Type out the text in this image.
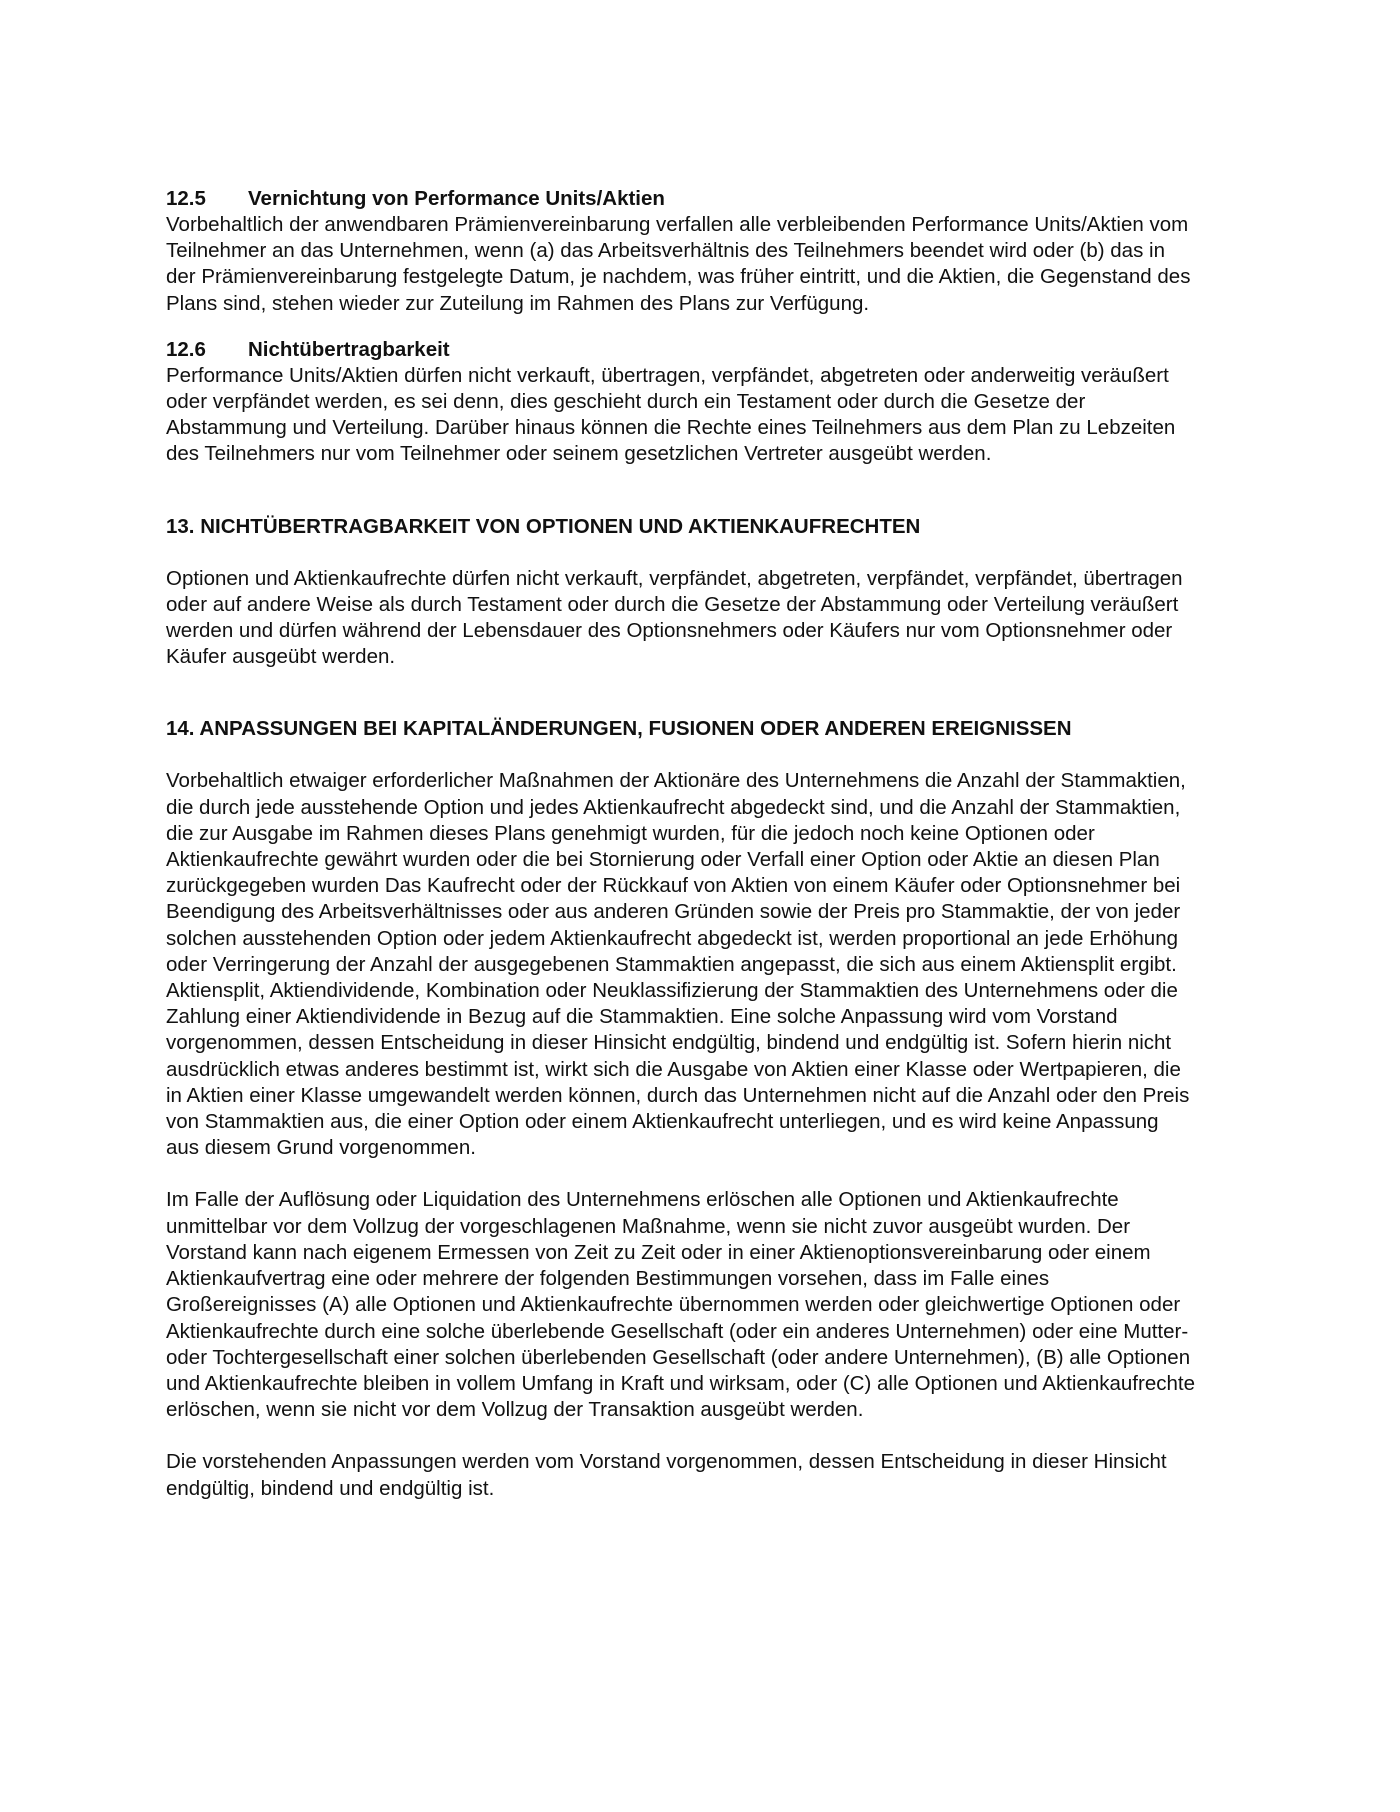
12.5 Vernichtung von Performance Units/Aktien

Vorbehaltlich der anwendbaren Prämienvereinbarung verfallen alle verbleibenden Performance Units/Aktien vom Teilnehmer an das Unternehmen, wenn (a) das Arbeitsverhältnis des Teilnehmers beendet wird oder (b) das in der Prämienvereinbarung festgelegte Datum, je nachdem, was früher eintritt, und die Aktien, die Gegenstand des Plans sind, stehen wieder zur Zuteilung im Rahmen des Plans zur Verfügung.

12.6 Nichtübertragbarkeit

Performance Units/Aktien dürfen nicht verkauft, übertragen, verpfändet, abgetreten oder anderweitig veräußert oder verpfändet werden, es sei denn, dies geschieht durch ein Testament oder durch die Gesetze der Abstammung und Verteilung. Darüber hinaus können die Rechte eines Teilnehmers aus dem Plan zu Lebzeiten des Teilnehmers nur vom Teilnehmer oder seinem gesetzlichen Vertreter ausgeübt werden.

13. NICHTÜBERTRAGBARKEIT VON OPTIONEN UND AKTIENKAUFRECHTEN

Optionen und Aktienkaufrechte dürfen nicht verkauft, verpfändet, abgetreten, verpfändet, verpfändet, übertragen oder auf andere Weise als durch Testament oder durch die Gesetze der Abstammung oder Verteilung veräußert werden und dürfen während der Lebensdauer des Optionsnehmers oder Käufers nur vom Optionsnehmer oder Käufer ausgeübt werden.

14. ANPASSUNGEN BEI KAPITALÄNDERUNGEN, FUSIONEN ODER ANDEREN EREIGNISSEN

Vorbehaltlich etwaiger erforderlicher Maßnahmen der Aktionäre des Unternehmens die Anzahl der Stammaktien, die durch jede ausstehende Option und jedes Aktienkaufrecht abgedeckt sind, und die Anzahl der Stammaktien, die zur Ausgabe im Rahmen dieses Plans genehmigt wurden, für die jedoch noch keine Optionen oder Aktienkaufrechte gewährt wurden oder die bei Stornierung oder Verfall einer Option oder Aktie an diesen Plan zurückgegeben wurden Das Kaufrecht oder der Rückkauf von Aktien von einem Käufer oder Optionsnehmer bei Beendigung des Arbeitsverhältnisses oder aus anderen Gründen sowie der Preis pro Stammaktie, der von jeder solchen ausstehenden Option oder jedem Aktienkaufrecht abgedeckt ist, werden proportional an jede Erhöhung oder Verringerung der Anzahl der ausgegebenen Stammaktien angepasst, die sich aus einem Aktiensplit ergibt. Aktiensplit, Aktiendividende, Kombination oder Neuklassifizierung der Stammaktien des Unternehmens oder die Zahlung einer Aktiendividende in Bezug auf die Stammaktien. Eine solche Anpassung wird vom Vorstand vorgenommen, dessen Entscheidung in dieser Hinsicht endgültig, bindend und endgültig ist. Sofern hierin nicht ausdrücklich etwas anderes bestimmt ist, wirkt sich die Ausgabe von Aktien einer Klasse oder Wertpapieren, die in Aktien einer Klasse umgewandelt werden können, durch das Unternehmen nicht auf die Anzahl oder den Preis von Stammaktien aus, die einer Option oder einem Aktienkaufrecht unterliegen, und es wird keine Anpassung aus diesem Grund vorgenommen.

Im Falle der Auflösung oder Liquidation des Unternehmens erlöschen alle Optionen und Aktienkaufrechte unmittelbar vor dem Vollzug der vorgeschlagenen Maßnahme, wenn sie nicht zuvor ausgeübt wurden. Der Vorstand kann nach eigenem Ermessen von Zeit zu Zeit oder in einer Aktienoptionsvereinbarung oder einem Aktienkaufvertrag eine oder mehrere der folgenden Bestimmungen vorsehen, dass im Falle eines Großereignisses (A) alle Optionen und Aktienkaufrechte übernommen werden oder gleichwertige Optionen oder Aktienkaufrechte durch eine solche überlebende Gesellschaft (oder ein anderes Unternehmen) oder eine Mutter- oder Tochtergesellschaft einer solchen überlebenden Gesellschaft (oder andere Unternehmen), (B) alle Optionen und Aktienkaufrechte bleiben in vollem Umfang in Kraft und wirksam, oder (C) alle Optionen und Aktienkaufrechte erlöschen, wenn sie nicht vor dem Vollzug der Transaktion ausgeübt werden.

Die vorstehenden Anpassungen werden vom Vorstand vorgenommen, dessen Entscheidung in dieser Hinsicht endgültig, bindend und endgültig ist.
